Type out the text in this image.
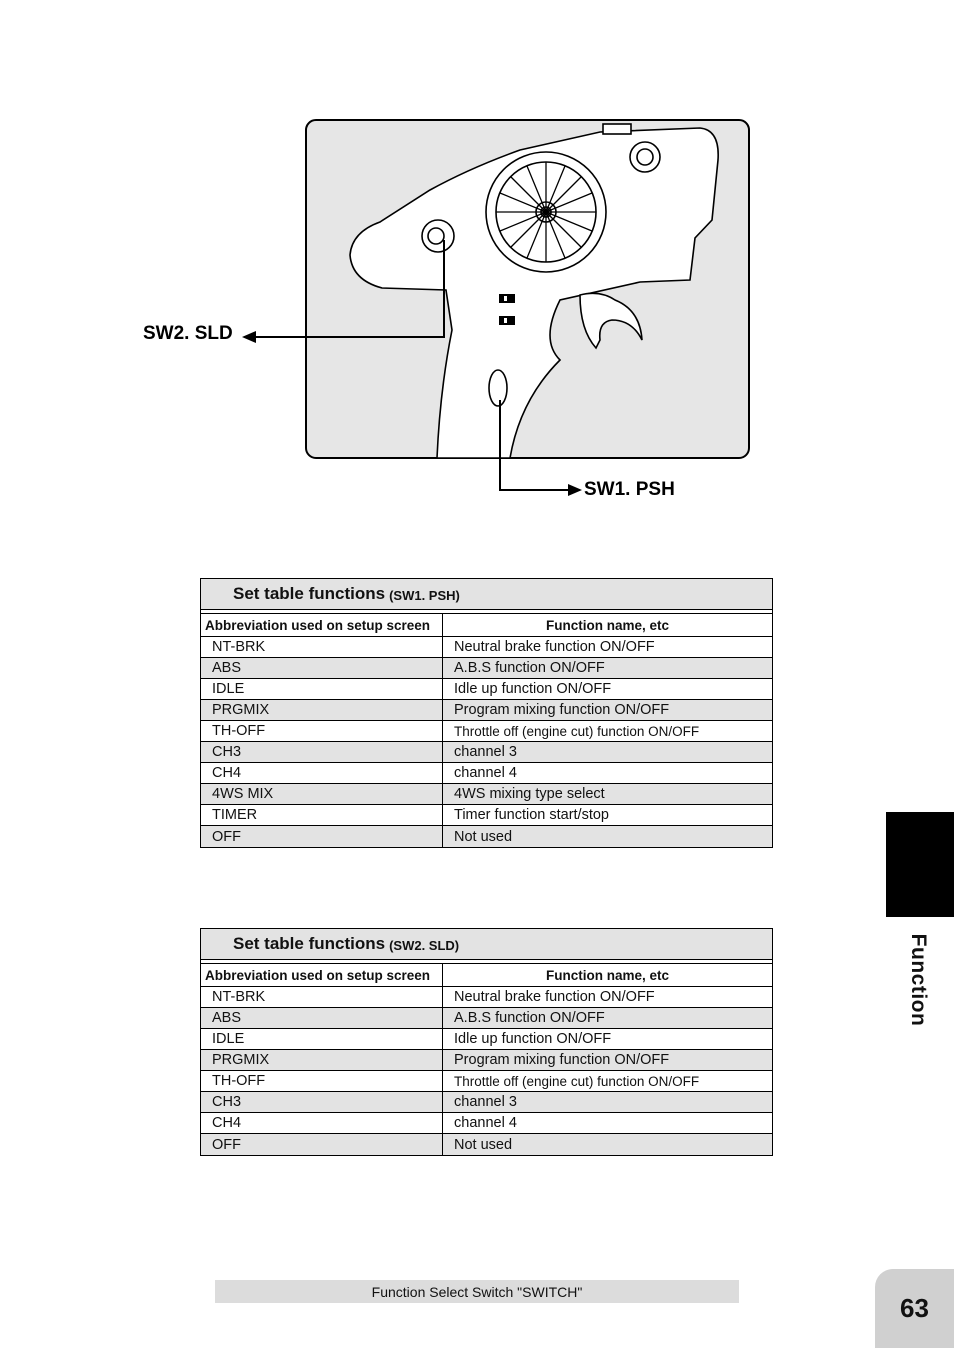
SW2. SLD
SW1. PSH
Set table functions (SW1. PSH)
Abbreviation used on setup screen	Function name, etc
NT-BRK	Neutral brake function ON/OFF
ABS	A.B.S function ON/OFF
IDLE	Idle up function ON/OFF
PRGMIX	Program mixing function ON/OFF
TH-OFF	Throttle off (engine cut) function ON/OFF
CH3	channel 3
CH4	channel 4
4WS MIX	4WS mixing type select
TIMER	Timer function start/stop
OFF	Not used
Set table functions (SW2. SLD)
Abbreviation used on setup screen	Function name, etc
NT-BRK	Neutral brake function ON/OFF
ABS	A.B.S function ON/OFF
IDLE	Idle up function ON/OFF
PRGMIX	Program mixing function ON/OFF
TH-OFF	Throttle off (engine cut) function ON/OFF
CH3	channel 3
CH4	channel 4
OFF	Not used
Function
Function Select Switch "SWITCH"
63
